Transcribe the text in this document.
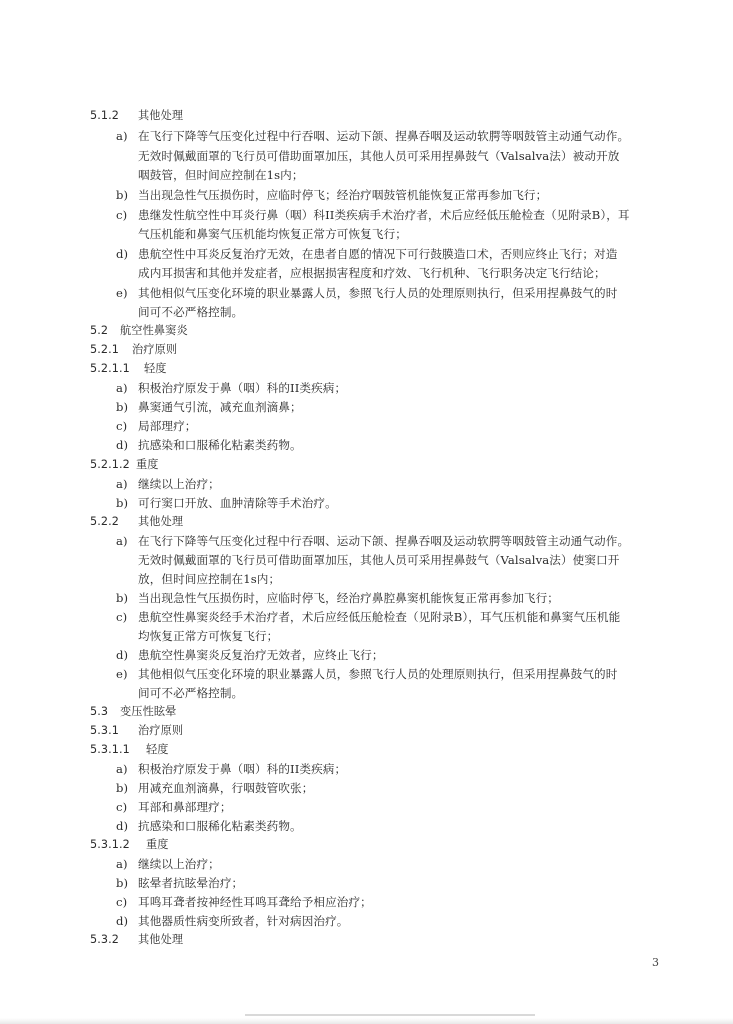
5.1.2 其他处理
a) 在飞行下降等气压变化过程中行吞咽、运动下颌、捏鼻吞咽及运动软腭等咽鼓管主动通气动作。
无效时佩戴面罩的飞行员可借助面罩加压，其他人员可采用捏鼻鼓气（Valsalva法）被动开放
咽鼓管，但时间应控制在1s内；
b) 当出现急性气压损伤时，应临时停飞；经治疗咽鼓管机能恢复正常再参加飞行；
c) 患继发性航空性中耳炎行鼻（咽）科II类疾病手术治疗者，术后应经低压舱检查（见附录B），耳
气压机能和鼻窦气压机能均恢复正常方可恢复飞行；
d) 患航空性中耳炎反复治疗无效，在患者自愿的情况下可行鼓膜造口术，否则应终止飞行；对造
成内耳损害和其他并发症者，应根据损害程度和疗效、飞行机种、飞行职务决定飞行结论；
e) 其他相似气压变化环境的职业暴露人员，参照飞行人员的处理原则执行，但采用捏鼻鼓气的时
间可不必严格控制。
5.2 航空性鼻窦炎
5.2.1 治疗原则
5.2.1.1 轻度
a) 积极治疗原发于鼻（咽）科的II类疾病；
b) 鼻窦通气引流，减充血剂滴鼻；
c) 局部理疗；
d) 抗感染和口服稀化粘素类药物。
5.2.1.2 重度
a) 继续以上治疗；
b) 可行窦口开放、血肿清除等手术治疗。
5.2.2 其他处理
a) 在飞行下降等气压变化过程中行吞咽、运动下颌、捏鼻吞咽及运动软腭等咽鼓管主动通气动作。
无效时佩戴面罩的飞行员可借助面罩加压，其他人员可采用捏鼻鼓气（Valsalva法）使窦口开
放，但时间应控制在1s内；
b) 当出现急性气压损伤时，应临时停飞，经治疗鼻腔鼻窦机能恢复正常再参加飞行；
c) 患航空性鼻窦炎经手术治疗者，术后应经低压舱检查（见附录B），耳气压机能和鼻窦气压机能
均恢复正常方可恢复飞行；
d) 患航空性鼻窦炎反复治疗无效者，应终止飞行；
e) 其他相似气压变化环境的职业暴露人员，参照飞行人员的处理原则执行，但采用捏鼻鼓气的时
间可不必严格控制。
5.3 变压性眩晕
5.3.1 治疗原则
5.3.1.1 轻度
a) 积极治疗原发于鼻（咽）科的II类疾病；
b) 用减充血剂滴鼻，行咽鼓管吹张；
c) 耳部和鼻部理疗；
d) 抗感染和口服稀化粘素类药物。
5.3.1.2 重度
a) 继续以上治疗；
b) 眩晕者抗眩晕治疗；
c) 耳鸣耳聋者按神经性耳鸣耳聋给予相应治疗；
d) 其他器质性病变所致者，针对病因治疗。
5.3.2 其他处理
3
